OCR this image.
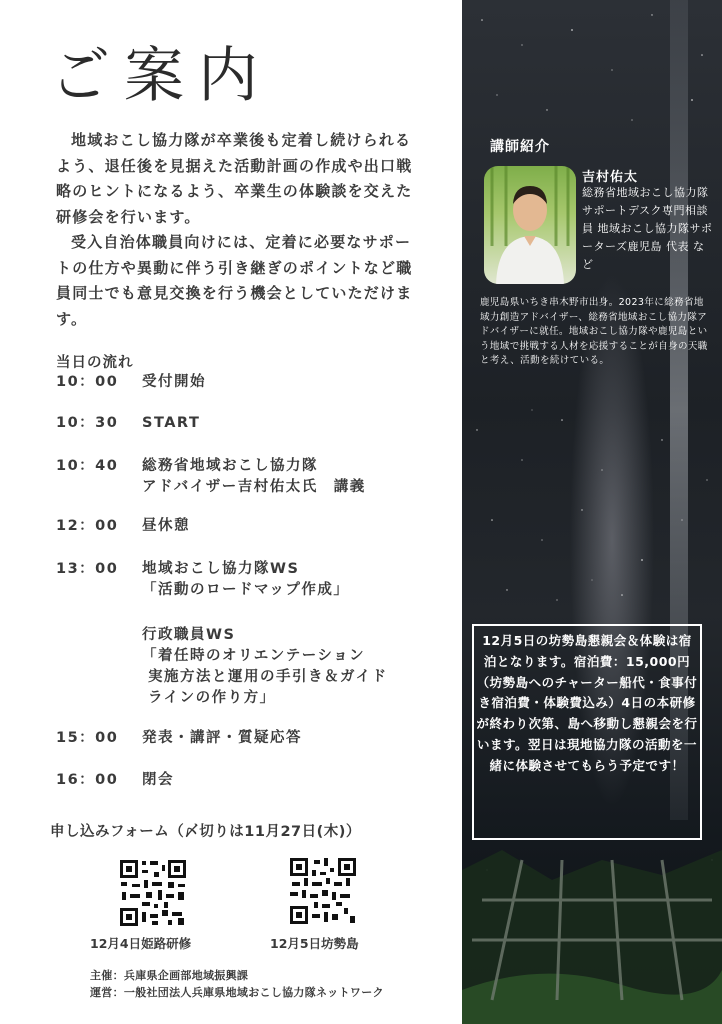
ご案内

地域おこし協力隊が卒業後も定着し続けられるよう、退任後を見据えた活動計画の作成や出口戦略のヒントになるよう、卒業生の体験談を交えた研修会を行います。

受入自治体職員向けには、定着に必要なサポートの仕方や異動に伴う引き継ぎのポイントなど職員同士でも意見交換を行う機会としていただけます。

当日の流れ
10：00	受付開始
10：30	START
10：40	総務省地域おこし協力隊
アドバイザー吉村佑太氏　講義
12：00	昼休憩
13：00	地域おこし協力隊WS
「活動のロードマップ作成」
行政職員WS
「着任時のオリエンテーション
実施方法と運用の手引き＆ガイド
ラインの作り方」
15：00	発表・講評・質疑応答
16：00	閉会
申し込みフォーム（〆切りは11月27日(木)）
12月4日姫路研修	12月5日坊勢島
主催：兵庫県企画部地域振興課
運営：一般社団法人兵庫県地域おこし協力隊ネットワーク
講師紹介
吉村佑太
総務省地域おこし協力隊サポートデスク専門相談員 地域おこし協力隊サポーターズ鹿児島 代表 など
鹿児島県いちき串木野市出身。2023年に総務省地域力創造アドバイザー、総務省地域おこし協力隊アドバイザーに就任。地域おこし協力隊や鹿児島という地域で挑戦する人材を応援することが自身の天職と考え、活動を続けている。
12月5日の坊勢島懇親会＆体験は宿泊となります。宿泊費：15,000円（坊勢島へのチャーター船代・食事付き宿泊費・体験費込み）4日の本研修が終わり次第、島へ移動し懇親会を行います。翌日は現地協力隊の活動を一緒に体験させてもらう予定です！
